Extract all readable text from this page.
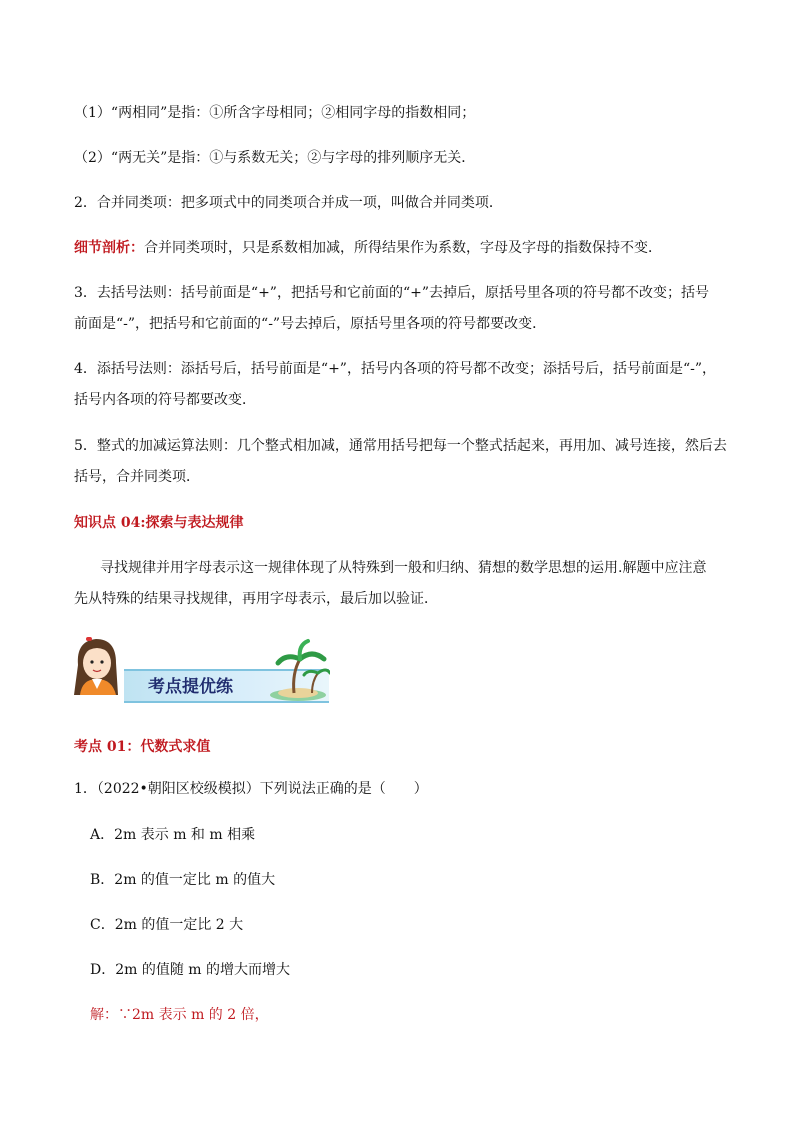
（1）“两相同”是指：①所含字母相同；②相同字母的指数相同；
（2）“两无关”是指：①与系数无关；②与字母的排列顺序无关．
2．合并同类项：把多项式中的同类项合并成一项，叫做合并同类项．
细节剖析：合并同类项时，只是系数相加减，所得结果作为系数，字母及字母的指数保持不变．
3．去括号法则：括号前面是“+”，把括号和它前面的“+”去掉后，原括号里各项的符号都不改变；括号
前面是“-”，把括号和它前面的“-”号去掉后，原括号里各项的符号都要改变．
4．添括号法则：添括号后，括号前面是“+”，括号内各项的符号都不改变；添括号后，括号前面是“-”，
括号内各项的符号都要改变．
5．整式的加减运算法则：几个整式相加减，通常用括号把每一个整式括起来，再用加、减号连接，然后去
括号，合并同类项．
知识点 04:探索与表达规律
寻找规律并用字母表示这一规律体现了从特殊到一般和归纳、猜想的数学思想的运用.解题中应注意
先从特殊的结果寻找规律，再用字母表示，最后加以验证．
考点提优练
考点 01：代数式求值
1．（2022•朝阳区校级模拟）下列说法正确的是（　　）
A．2m 表示 m 和 m 相乘
B．2m 的值一定比 m 的值大
C．2m 的值一定比 2 大
D．2m 的值随 m 的增大而增大
解：∵2m 表示 m 的 2 倍，
